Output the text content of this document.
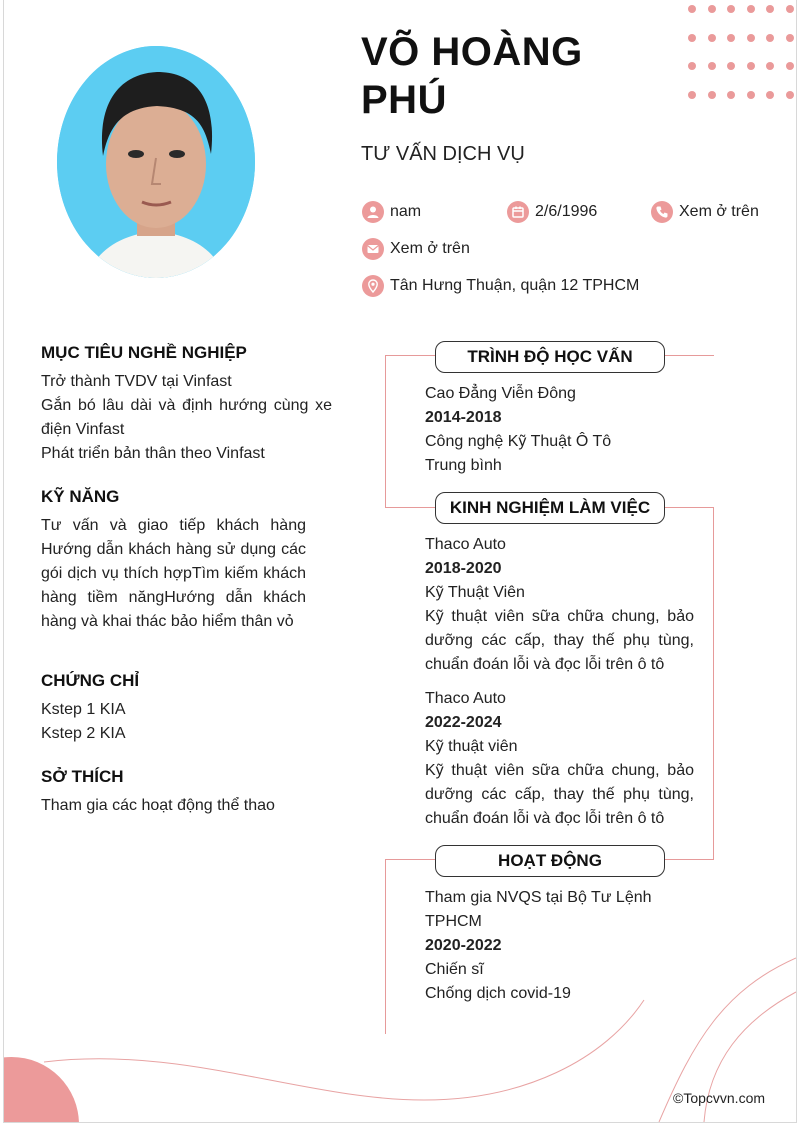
VÕ HOÀNG
PHÚ
TƯ VẤN DỊCH VỤ
nam	2/6/1996	Xem ở trên
Xem ở trên
Tân Hưng Thuận, quận 12 TPHCM
MỤC TIÊU NGHỀ NGHIỆP
Trở thành TVDV tại Vinfast
Gắn bó lâu dài và định hướng cùng xe điện Vinfast
Phát triển bản thân theo Vinfast
KỸ NĂNG
Tư vấn và giao tiếp khách hàng Hướng dẫn khách hàng sử dụng các gói dịch vụ thích hợpTìm kiếm khách hàng tiềm năngHướng dẫn khách hàng và khai thác bảo hiểm thân vỏ
CHỨNG CHỈ
Kstep 1 KIA
Kstep 2 KIA
SỞ THÍCH
Tham gia các hoạt động thể thao
TRÌNH ĐỘ HỌC VẤN
Cao Đẳng Viễn Đông
2014-2018
Công nghệ Kỹ Thuật Ô Tô
Trung bình
KINH NGHIỆM LÀM VIỆC
Thaco Auto
2018-2020
Kỹ Thuật Viên
Kỹ thuật viên sữa chữa chung, bảo dưỡng các cấp, thay thế phụ tùng, chuẩn đoán lỗi và đọc lỗi trên ô tô
Thaco Auto
2022-2024
Kỹ thuật viên
Kỹ thuật viên sữa chữa chung, bảo dưỡng các cấp, thay thế phụ tùng, chuẩn đoán lỗi và đọc lỗi trên ô tô
HOẠT ĐỘNG
Tham gia NVQS tại Bộ Tư Lệnh TPHCM
2020-2022
Chiến sĩ
Chống dịch covid-19
©Topcvvn.com
